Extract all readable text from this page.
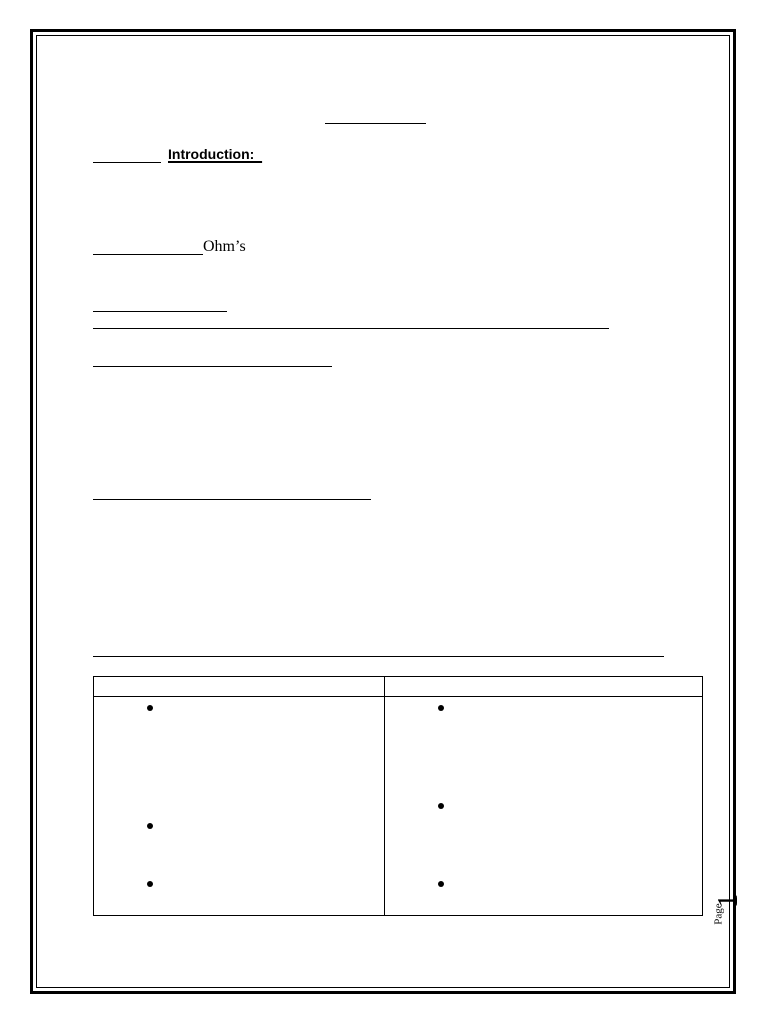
Introduction:
Ohm’s
Page
1
